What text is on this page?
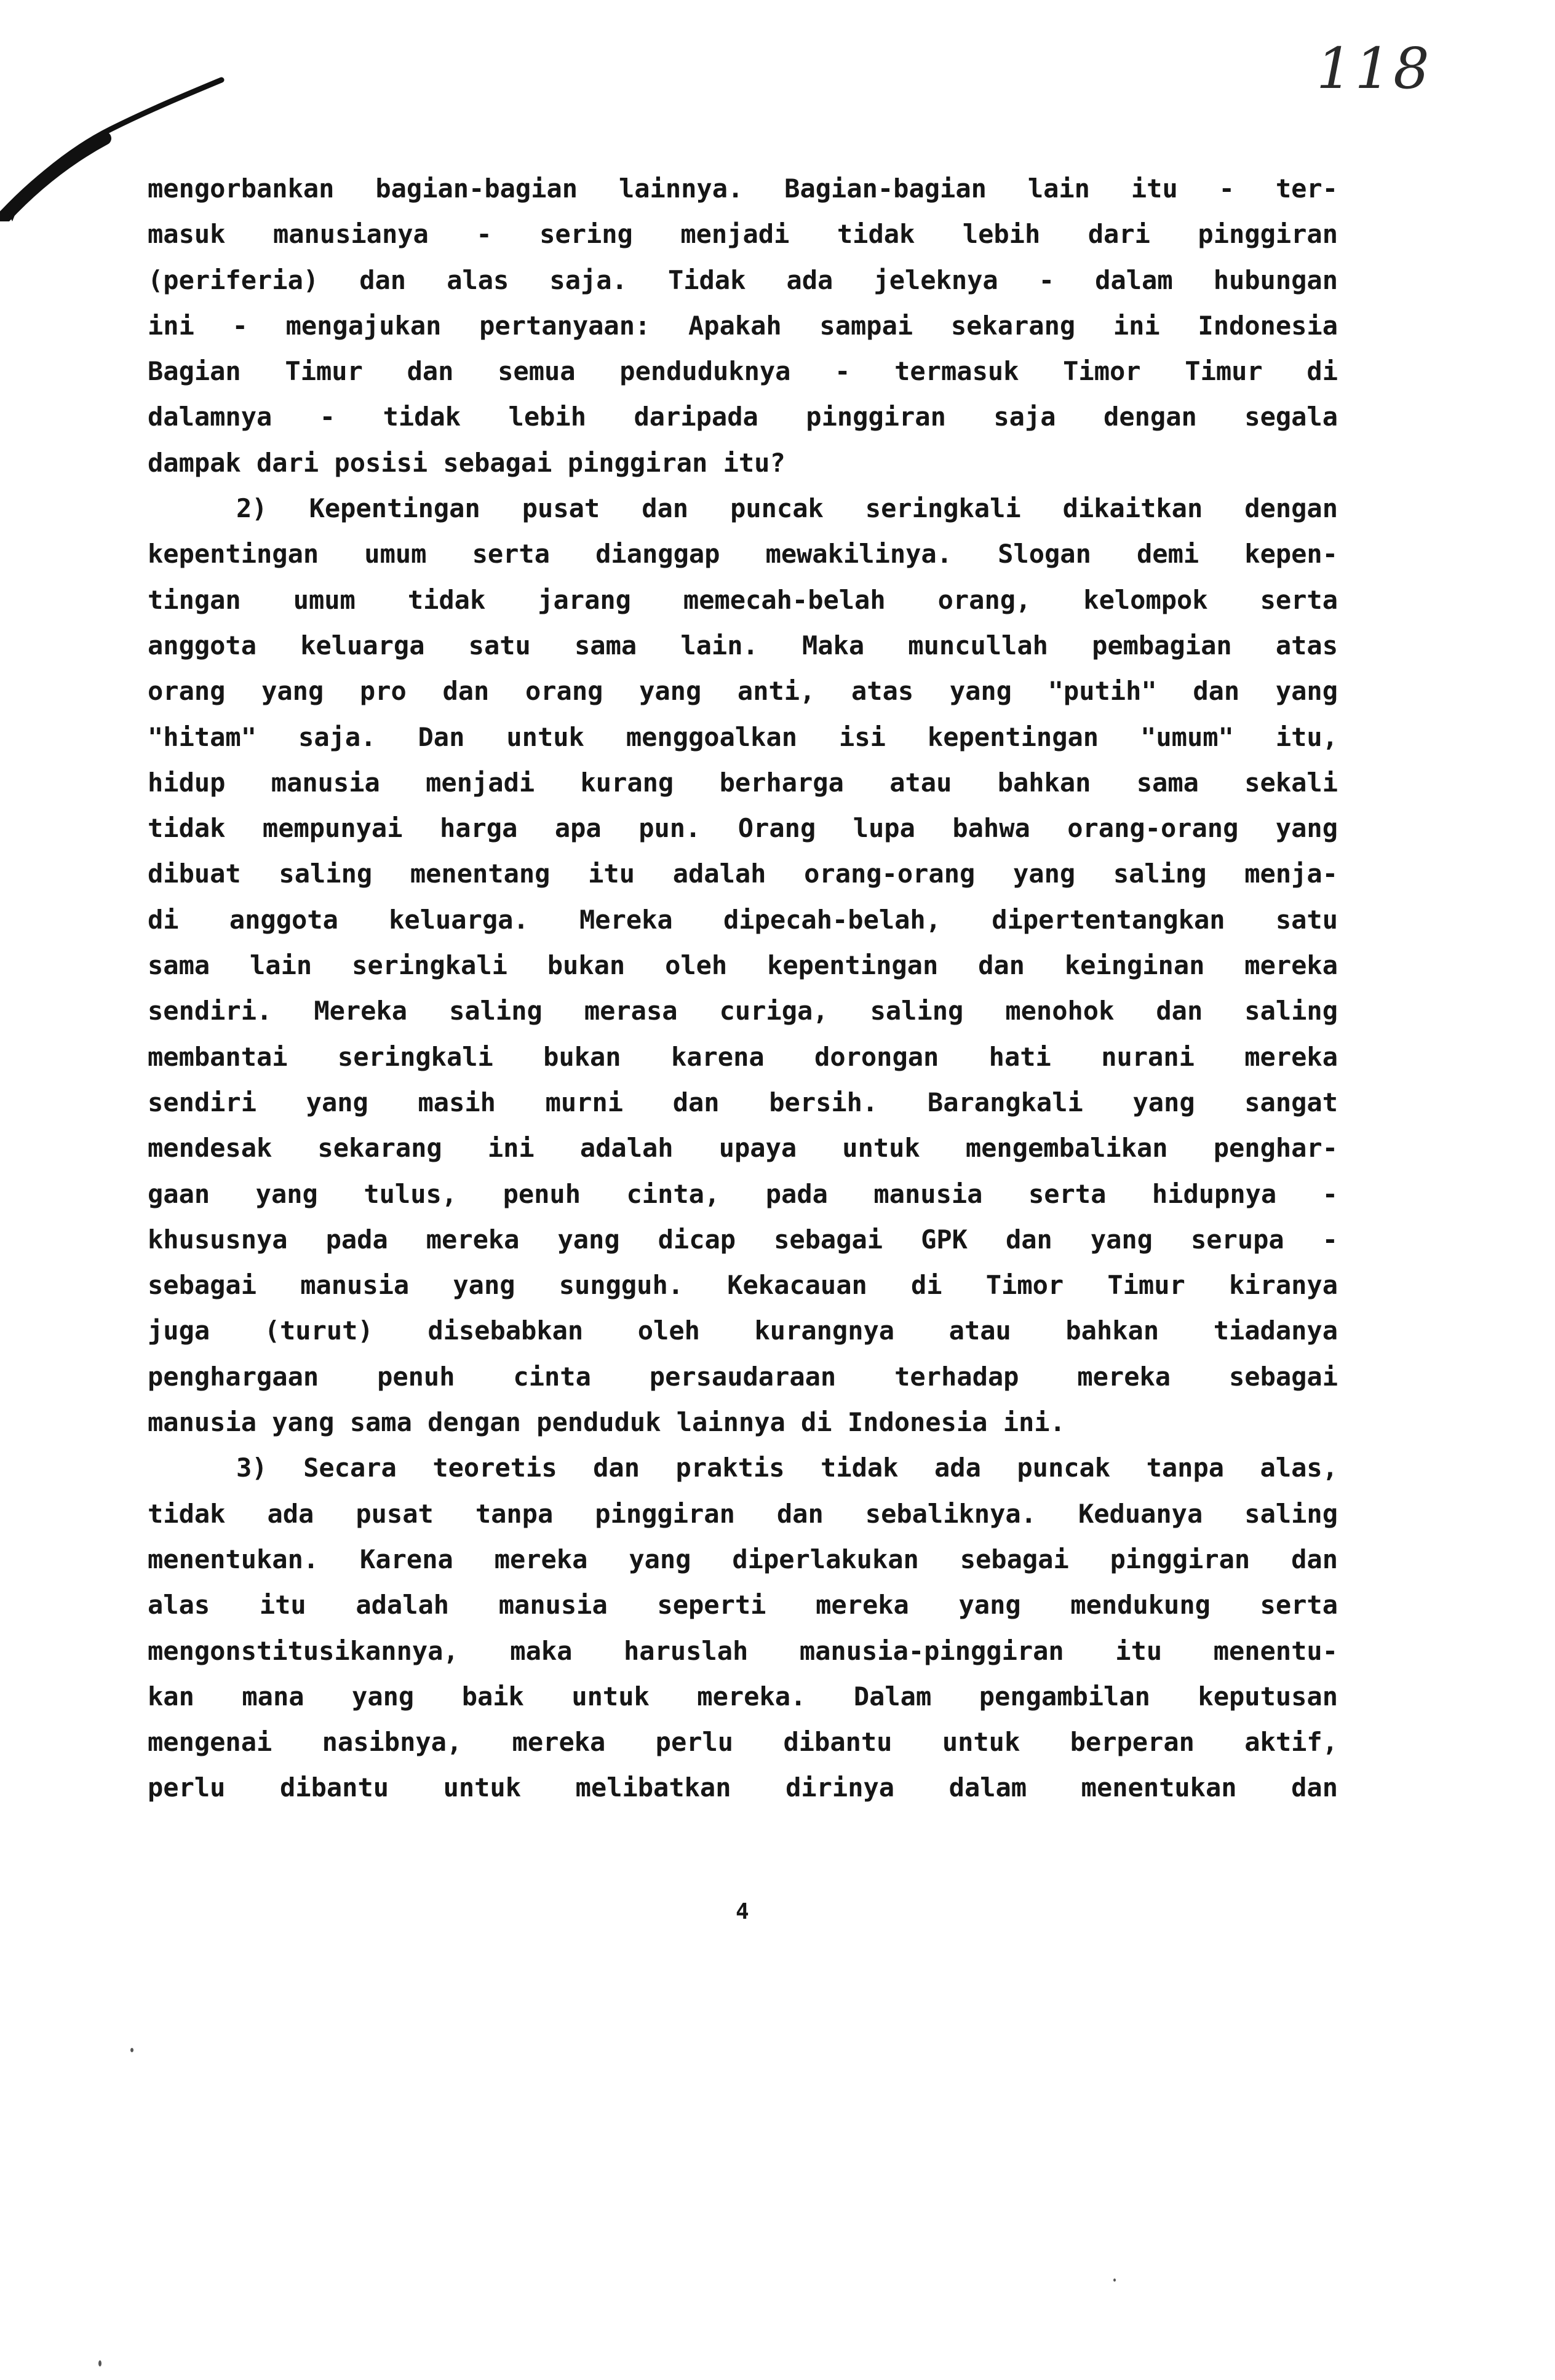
118
mengorbankan bagian-bagian lainnya. Bagian-bagian lain itu - ter-
masuk manusianya - sering menjadi tidak lebih dari pinggiran
(periferia) dan alas saja. Tidak ada jeleknya - dalam hubungan
ini - mengajukan pertanyaan: Apakah sampai sekarang ini Indonesia
Bagian Timur dan semua penduduknya - termasuk Timor Timur di
dalamnya - tidak lebih daripada pinggiran saja dengan segala
dampak dari posisi sebagai pinggiran itu?
2) Kepentingan pusat dan puncak seringkali dikaitkan dengan
kepentingan umum serta dianggap mewakilinya. Slogan demi kepen-
tingan umum tidak jarang memecah-belah orang, kelompok serta
anggota keluarga satu sama lain. Maka muncullah pembagian atas
orang yang pro dan orang yang anti, atas yang "putih" dan yang
"hitam" saja. Dan untuk menggoalkan isi kepentingan "umum" itu,
hidup manusia menjadi kurang berharga atau bahkan sama sekali
tidak mempunyai harga apa pun. Orang lupa bahwa orang-orang yang
dibuat saling menentang itu adalah orang-orang yang saling menja-
di anggota keluarga. Mereka dipecah-belah, dipertentangkan satu
sama lain seringkali bukan oleh kepentingan dan keinginan mereka
sendiri. Mereka saling merasa curiga, saling menohok dan saling
membantai seringkali bukan karena dorongan hati nurani mereka
sendiri yang masih murni dan bersih. Barangkali yang sangat
mendesak sekarang ini adalah upaya untuk mengembalikan penghar-
gaan yang tulus, penuh cinta, pada manusia serta hidupnya -
khususnya pada mereka yang dicap sebagai GPK dan yang serupa -
sebagai manusia yang sungguh. Kekacauan di Timor Timur kiranya
juga (turut) disebabkan oleh kurangnya atau bahkan tiadanya
penghargaan penuh cinta persaudaraan terhadap mereka sebagai
manusia yang sama dengan penduduk lainnya di Indonesia ini.
3) Secara teoretis dan praktis tidak ada puncak tanpa alas,
tidak ada pusat tanpa pinggiran dan sebaliknya. Keduanya saling
menentukan. Karena mereka yang diperlakukan sebagai pinggiran dan
alas itu adalah manusia seperti mereka yang mendukung serta
mengonstitusikannya, maka haruslah manusia-pinggiran itu menentu-
kan mana yang baik untuk mereka. Dalam pengambilan keputusan
mengenai nasibnya, mereka perlu dibantu untuk berperan aktif,
perlu dibantu untuk melibatkan dirinya dalam menentukan dan
4
